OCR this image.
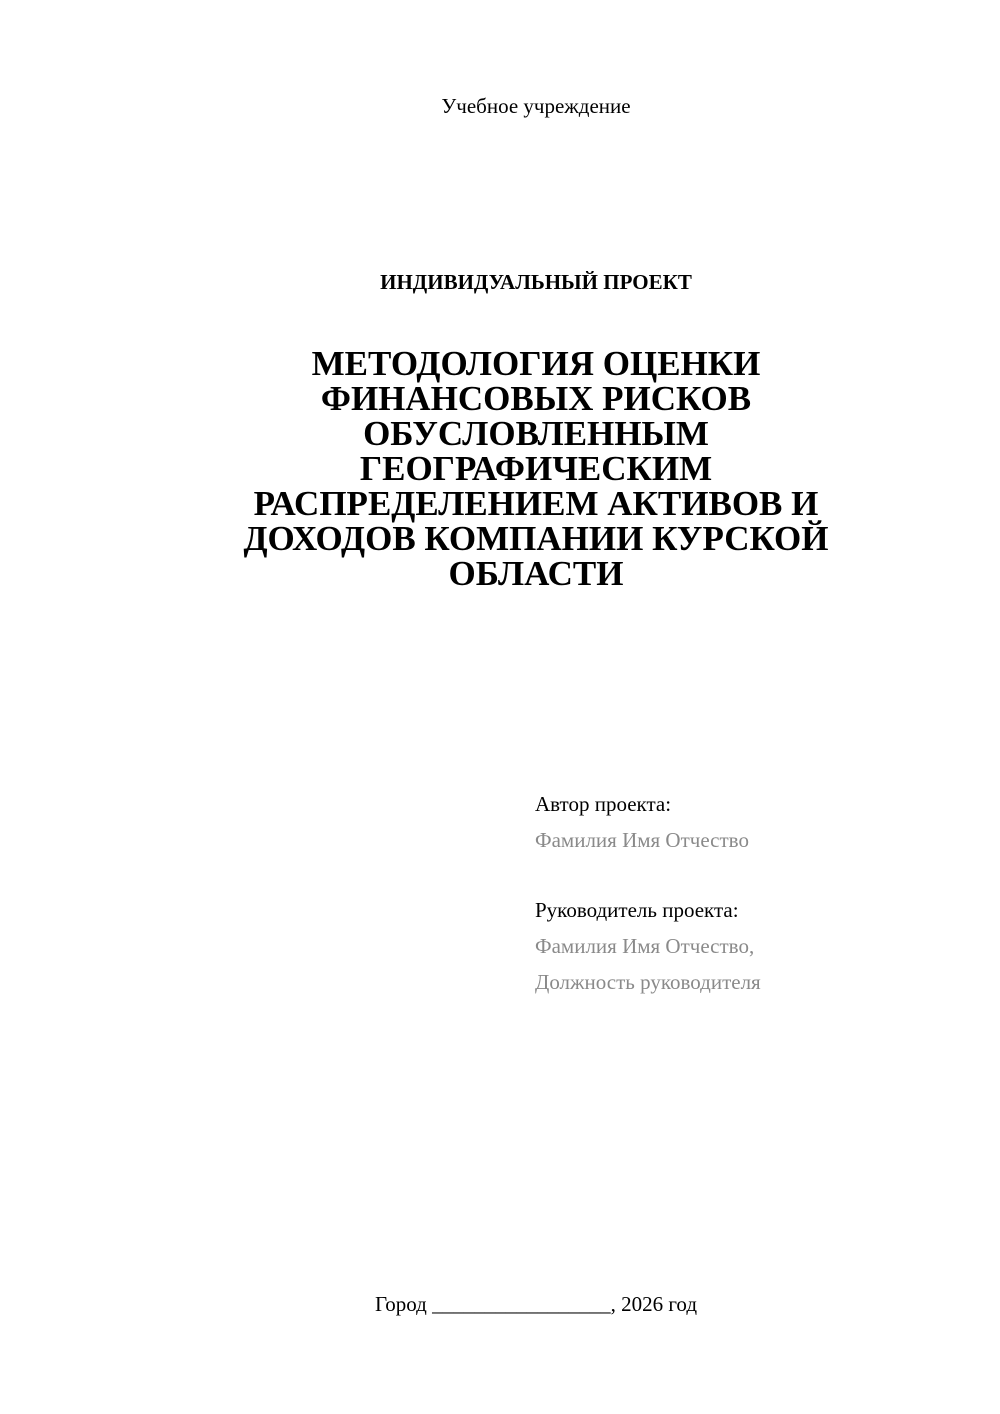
Учебное учреждение
ИНДИВИДУАЛЬНЫЙ ПРОЕКТ
МЕТОДОЛОГИЯ ОЦЕНКИ
ФИНАНСОВЫХ РИСКОВ
ОБУСЛОВЛЕННЫМ
ГЕОГРАФИЧЕСКИМ
РАСПРЕДЕЛЕНИЕМ АКТИВОВ И
ДОХОДОВ КОМПАНИИ КУРСКОЙ
ОБЛАСТИ
Автор проекта:
Фамилия Имя Отчество
Руководитель проекта:
Фамилия Имя Отчество,
Должность руководителя
Город _________________, 2026 год
